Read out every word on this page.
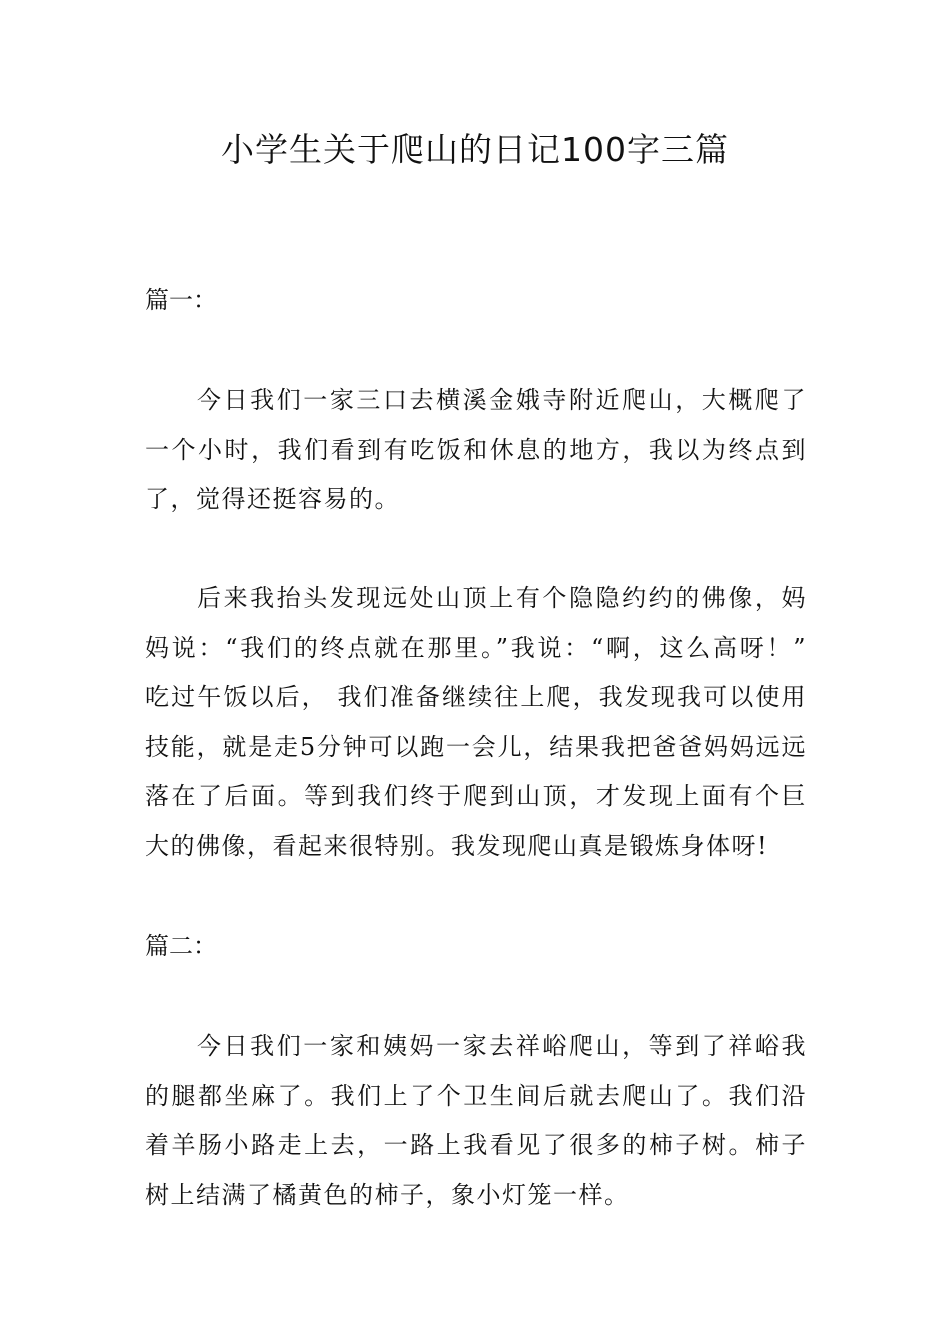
小学生关于爬山的日记100字三篇
篇一：

今日我们一家三口去横溪金娥寺附近爬山，大概爬了一个小时，我们看到有吃饭和休息的地方，我以为终点到了，觉得还挺容易的。

后来我抬头发现远处山顶上有个隐隐约约的佛像，妈妈说：“我们的终点就在那里。”我说：“啊，这么高呀！” 吃过午饭以后， 我们准备继续往上爬，我发现我可以使用技能，就是走5分钟可以跑一会儿，结果我把爸爸妈妈远远落在了后面。等到我们终于爬到山顶，才发现上面有个巨大的佛像，看起来很特别。我发现爬山真是锻炼身体呀!

篇二：

今日我们一家和姨妈一家去祥峪爬山，等到了祥峪我的腿都坐麻了。我们上了个卫生间后就去爬山了。我们沿着羊肠小路走上去，一路上我看见了很多的柿子树。柿子树上结满了橘黄色的柿子，象小灯笼一样。
